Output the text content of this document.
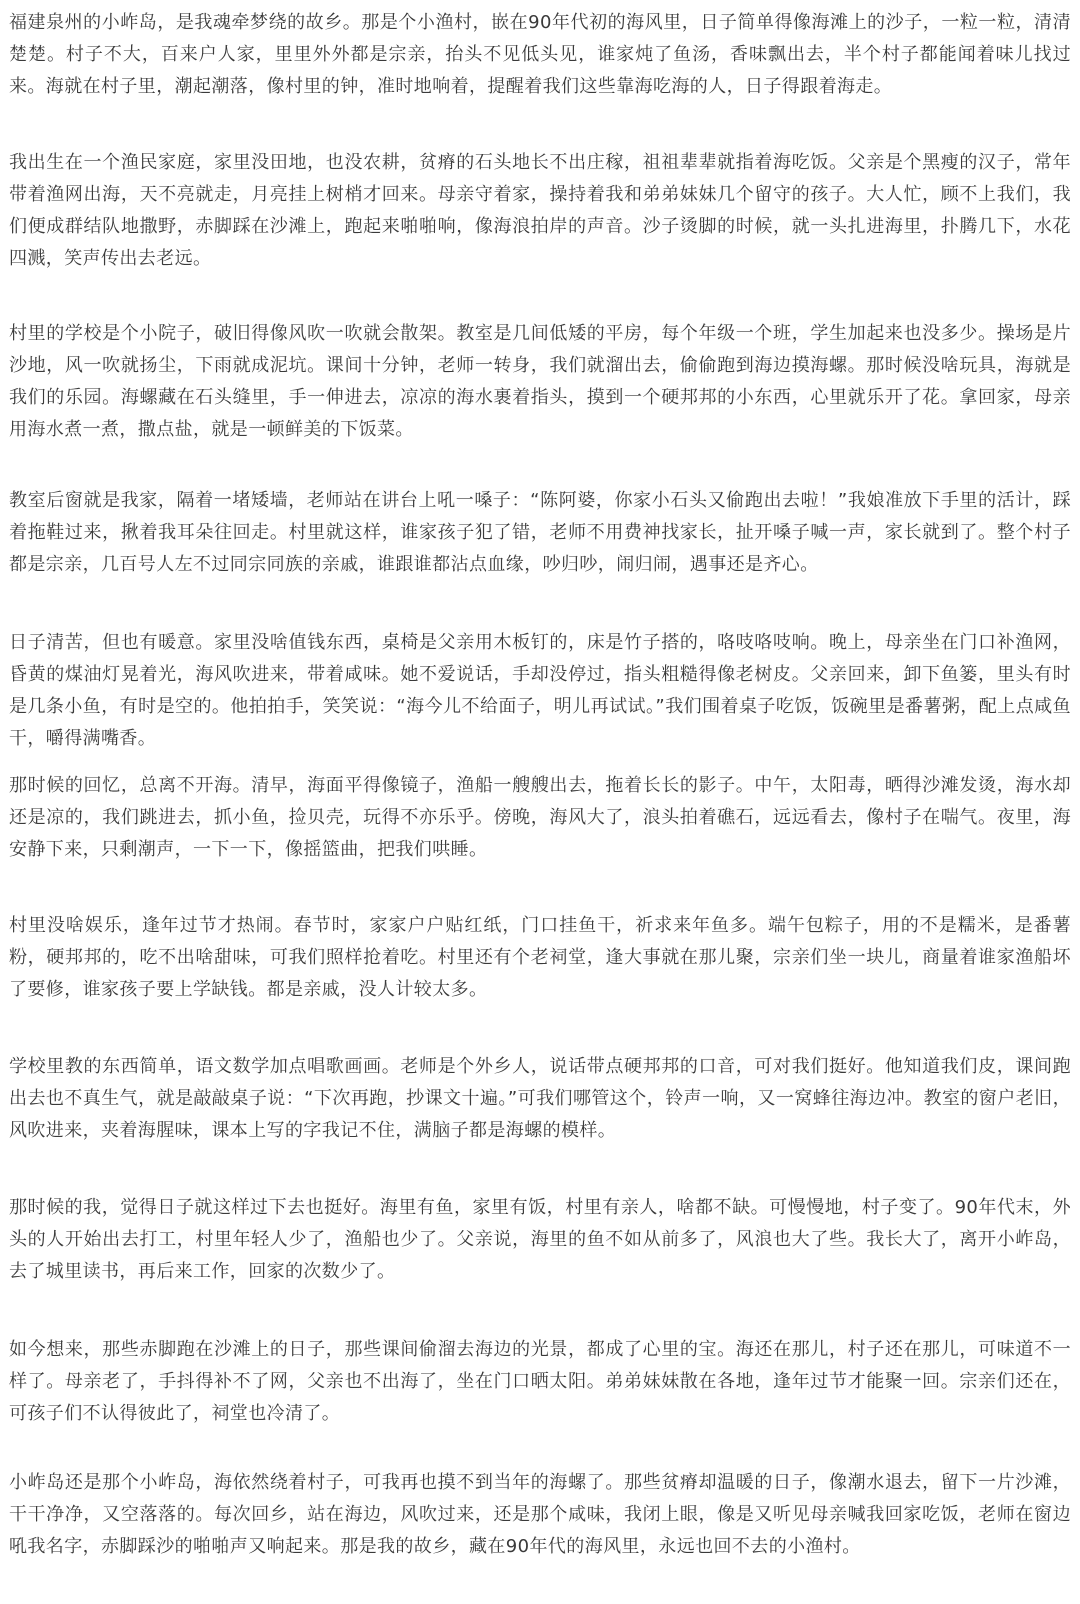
福建泉州的小岞岛，是我魂牵梦绕的故乡。那是个小渔村，嵌在90年代初的海风里，日子简单得像海滩上的沙子，一粒一粒，清清楚楚。村子不大，百来户人家，里里外外都是宗亲，抬头不见低头见，谁家炖了鱼汤，香味飘出去，半个村子都能闻着味儿找过来。海就在村子里，潮起潮落，像村里的钟，准时地响着，提醒着我们这些靠海吃海的人，日子得跟着海走。

我出生在一个渔民家庭，家里没田地，也没农耕，贫瘠的石头地长不出庄稼，祖祖辈辈就指着海吃饭。父亲是个黑瘦的汉子，常年带着渔网出海，天不亮就走，月亮挂上树梢才回来。母亲守着家，操持着我和弟弟妹妹几个留守的孩子。大人忙，顾不上我们，我们便成群结队地撒野，赤脚踩在沙滩上，跑起来啪啪响，像海浪拍岸的声音。沙子烫脚的时候，就一头扎进海里，扑腾几下，水花四溅，笑声传出去老远。

村里的学校是个小院子，破旧得像风吹一吹就会散架。教室是几间低矮的平房，每个年级一个班，学生加起来也没多少。操场是片沙地，风一吹就扬尘，下雨就成泥坑。课间十分钟，老师一转身，我们就溜出去，偷偷跑到海边摸海螺。那时候没啥玩具，海就是我们的乐园。海螺藏在石头缝里，手一伸进去，凉凉的海水裹着指头，摸到一个硬邦邦的小东西，心里就乐开了花。拿回家，母亲用海水煮一煮，撒点盐，就是一顿鲜美的下饭菜。

教室后窗就是我家，隔着一堵矮墙，老师站在讲台上吼一嗓子：“陈阿婆，你家小石头又偷跑出去啦！”我娘准放下手里的活计，踩着拖鞋过来，揪着我耳朵往回走。村里就这样，谁家孩子犯了错，老师不用费神找家长，扯开嗓子喊一声，家长就到了。整个村子都是宗亲，几百号人左不过同宗同族的亲戚，谁跟谁都沾点血缘，吵归吵，闹归闹，遇事还是齐心。

日子清苦，但也有暖意。家里没啥值钱东西，桌椅是父亲用木板钉的，床是竹子搭的，咯吱咯吱响。晚上，母亲坐在门口补渔网，昏黄的煤油灯晃着光，海风吹进来，带着咸味。她不爱说话，手却没停过，指头粗糙得像老树皮。父亲回来，卸下鱼篓，里头有时是几条小鱼，有时是空的。他拍拍手，笑笑说：“海今儿不给面子，明儿再试试。”我们围着桌子吃饭，饭碗里是番薯粥，配上点咸鱼干，嚼得满嘴香。

那时候的回忆，总离不开海。清早，海面平得像镜子，渔船一艘艘出去，拖着长长的影子。中午，太阳毒，晒得沙滩发烫，海水却还是凉的，我们跳进去，抓小鱼，捡贝壳，玩得不亦乐乎。傍晚，海风大了，浪头拍着礁石，远远看去，像村子在喘气。夜里，海安静下来，只剩潮声，一下一下，像摇篮曲，把我们哄睡。

村里没啥娱乐，逢年过节才热闹。春节时，家家户户贴红纸，门口挂鱼干，祈求来年鱼多。端午包粽子，用的不是糯米，是番薯粉，硬邦邦的，吃不出啥甜味，可我们照样抢着吃。村里还有个老祠堂，逢大事就在那儿聚，宗亲们坐一块儿，商量着谁家渔船坏了要修，谁家孩子要上学缺钱。都是亲戚，没人计较太多。

学校里教的东西简单，语文数学加点唱歌画画。老师是个外乡人，说话带点硬邦邦的口音，可对我们挺好。他知道我们皮，课间跑出去也不真生气，就是敲敲桌子说：“下次再跑，抄课文十遍。”可我们哪管这个，铃声一响，又一窝蜂往海边冲。教室的窗户老旧，风吹进来，夹着海腥味，课本上写的字我记不住，满脑子都是海螺的模样。

那时候的我，觉得日子就这样过下去也挺好。海里有鱼，家里有饭，村里有亲人，啥都不缺。可慢慢地，村子变了。90年代末，外头的人开始出去打工，村里年轻人少了，渔船也少了。父亲说，海里的鱼不如从前多了，风浪也大了些。我长大了，离开小岞岛，去了城里读书，再后来工作，回家的次数少了。

如今想来，那些赤脚跑在沙滩上的日子，那些课间偷溜去海边的光景，都成了心里的宝。海还在那儿，村子还在那儿，可味道不一样了。母亲老了，手抖得补不了网，父亲也不出海了，坐在门口晒太阳。弟弟妹妹散在各地，逢年过节才能聚一回。宗亲们还在，可孩子们不认得彼此了，祠堂也冷清了。

小岞岛还是那个小岞岛，海依然绕着村子，可我再也摸不到当年的海螺了。那些贫瘠却温暖的日子，像潮水退去，留下一片沙滩，干干净净，又空落落的。每次回乡，站在海边，风吹过来，还是那个咸味，我闭上眼，像是又听见母亲喊我回家吃饭，老师在窗边吼我名字，赤脚踩沙的啪啪声又响起来。那是我的故乡，藏在90年代的海风里，永远也回不去的小渔村。
